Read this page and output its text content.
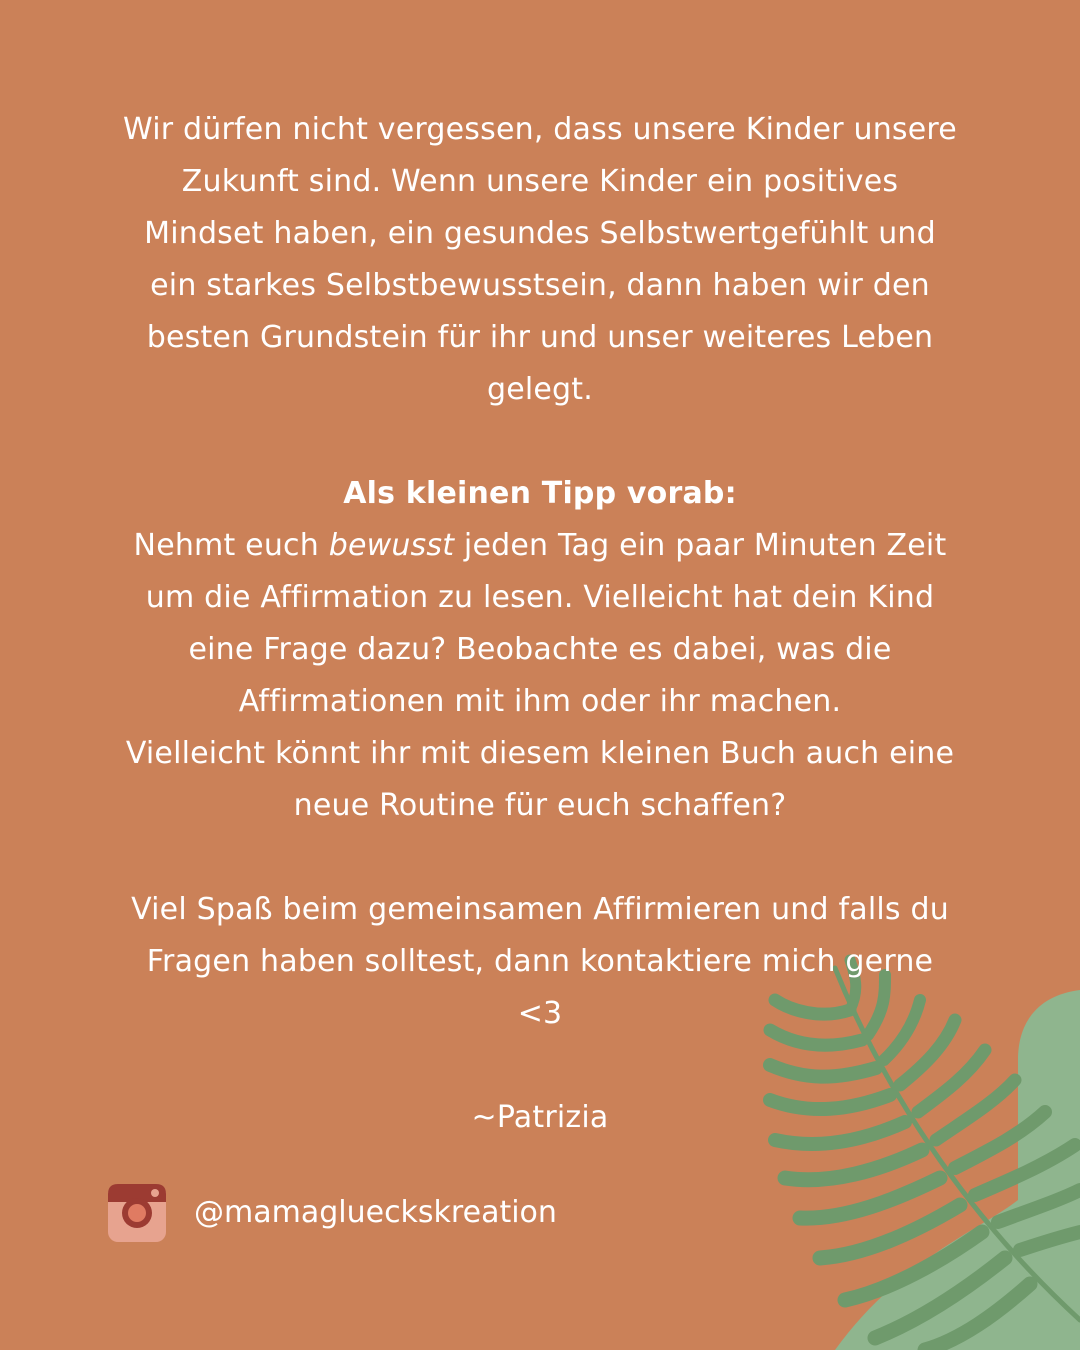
Wir dürfen nicht vergessen, dass unsere Kinder unsere

Zukunft sind. Wenn unsere Kinder ein positives

Mindset haben, ein gesundes Selbstwertgefühlt und

ein starkes Selbstbewusstsein, dann haben wir den

besten Grundstein für ihr und unser weiteres Leben

gelegt.

Als kleinen Tipp vorab:

Nehmt euch bewusst jeden Tag ein paar Minuten Zeit

um die Affirmation zu lesen. Vielleicht hat dein Kind

eine Frage dazu? Beobachte es dabei, was die

Affirmationen mit ihm oder ihr machen.

Vielleicht könnt ihr mit diesem kleinen Buch auch eine

neue Routine für euch schaffen?

Viel Spaß beim gemeinsamen Affirmieren und falls du

Fragen haben solltest, dann kontaktiere mich gerne

<3

~Patrizia

@mamaglueckskreation
